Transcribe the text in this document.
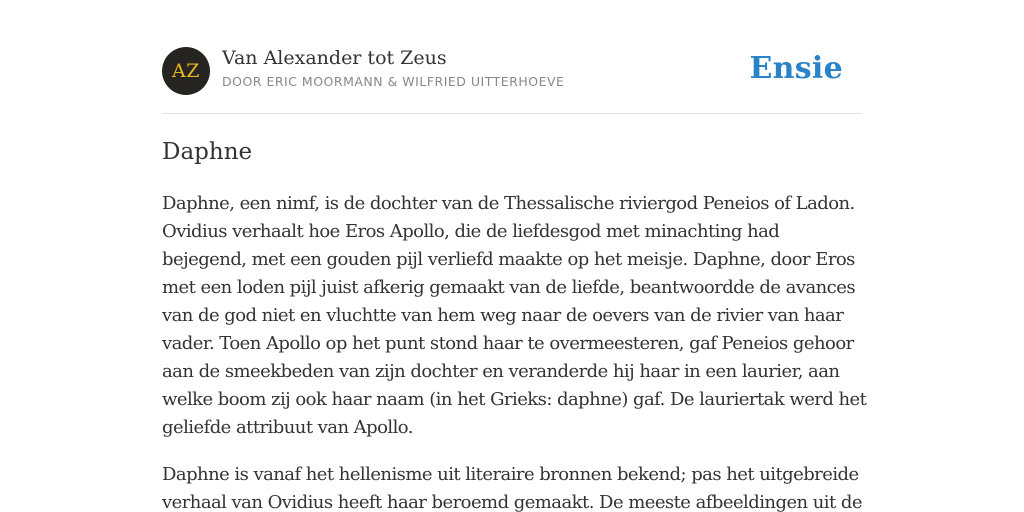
AZ
Van Alexander tot Zeus
DOOR ERIC MOORMANN & WILFRIED UITTERHOEVE	Ensie
Daphne

Daphne, een nimf, is de dochter van de Thessalische riviergod Peneios of Ladon.
Ovidius verhaalt hoe Eros Apollo, die de liefdesgod met minachting had
bejegend, met een gouden pijl verliefd maakte op het meisje. Daphne, door Eros
met een loden pijl juist afkerig gemaakt van de liefde, beantwoordde de avances
van de god niet en vluchtte van hem weg naar de oevers van de rivier van haar
vader. Toen Apollo op het punt stond haar te overmeesteren, gaf Peneios gehoor
aan de smeekbeden van zijn dochter en veranderde hij haar in een laurier, aan
welke boom zij ook haar naam (in het Grieks: daphne) gaf. De lauriertak werd het
geliefde attribuut van Apollo.

Daphne is vanaf het hellenisme uit literaire bronnen bekend; pas het uitgebreide
verhaal van Ovidius heeft haar beroemd gemaakt. De meeste afbeeldingen uit de
